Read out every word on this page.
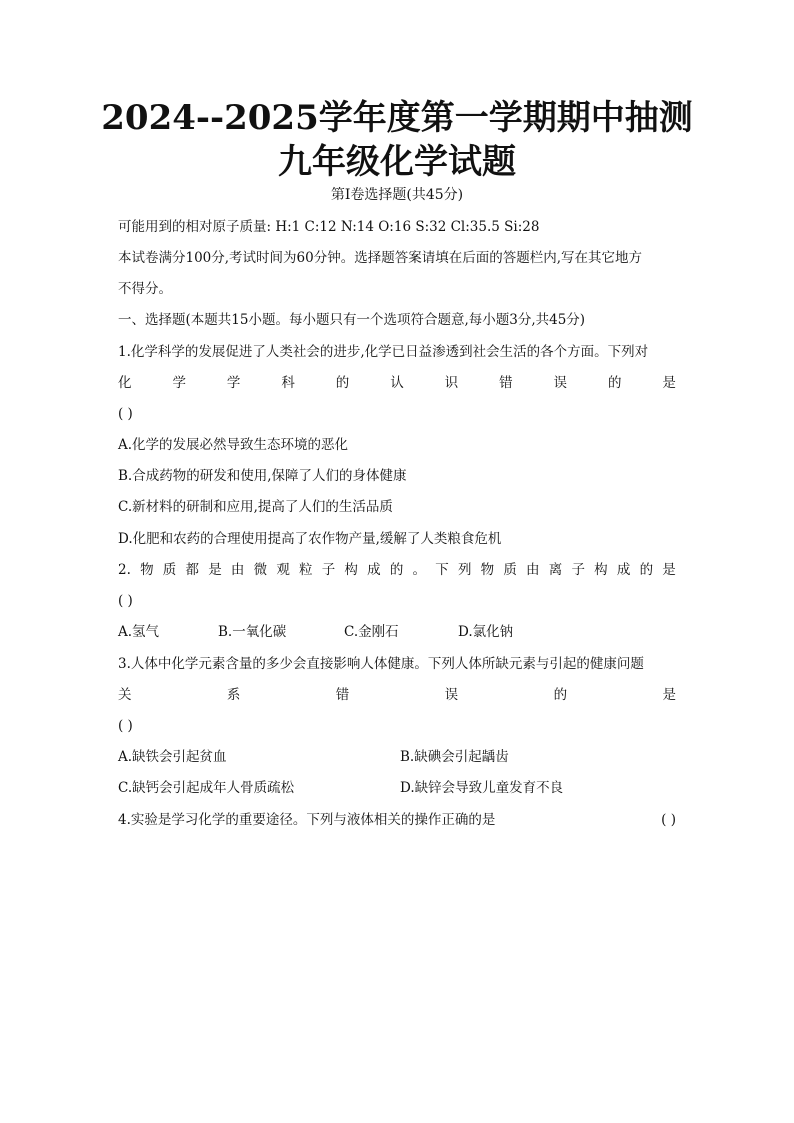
2024--2025学年度第一学期期中抽测
九年级化学试题
第Ⅰ卷选择题(共45分)
可能用到的相对原子质量: H:1 C:12 N:14 O:16 S:32 Cl:35.5 Si:28
本试卷满分100分,考试时间为60分钟。选择题答案请填在后面的答题栏内,写在其它地方
不得分。
一、选择题(本题共15小题。每小题只有一个选项符合题意,每小题3分,共45分)
1.化学科学的发展促进了人类社会的进步,化学已日益渗透到社会生活的各个方面。下列对
化	学	学	科	的	认	识	错	误	的	是
( )
A.化学的发展必然导致生态环境的恶化
B.合成药物的研发和使用,保障了人们的身体健康
C.新材料的研制和应用,提高了人们的生活品质
D.化肥和农药的合理使用提高了农作物产量,缓解了人类粮食危机
2. 物 质 都 是 由 微 观 粒 子 构 成 的 。 下 列 物 质 由 离 子 构 成 的 是
( )
A.氢气	B.一氧化碳	C.金刚石	D.氯化钠
3.人体中化学元素含量的多少会直接影响人体健康。下列人体所缺元素与引起的健康问题
关	系	错	误	的	是
( )
A.缺铁会引起贫血	B.缺碘会引起龋齿
C.缺钙会引起成年人骨质疏松	D.缺锌会导致儿童发育不良
4.实验是学习化学的重要途径。下列与液体相关的操作正确的是	( )
